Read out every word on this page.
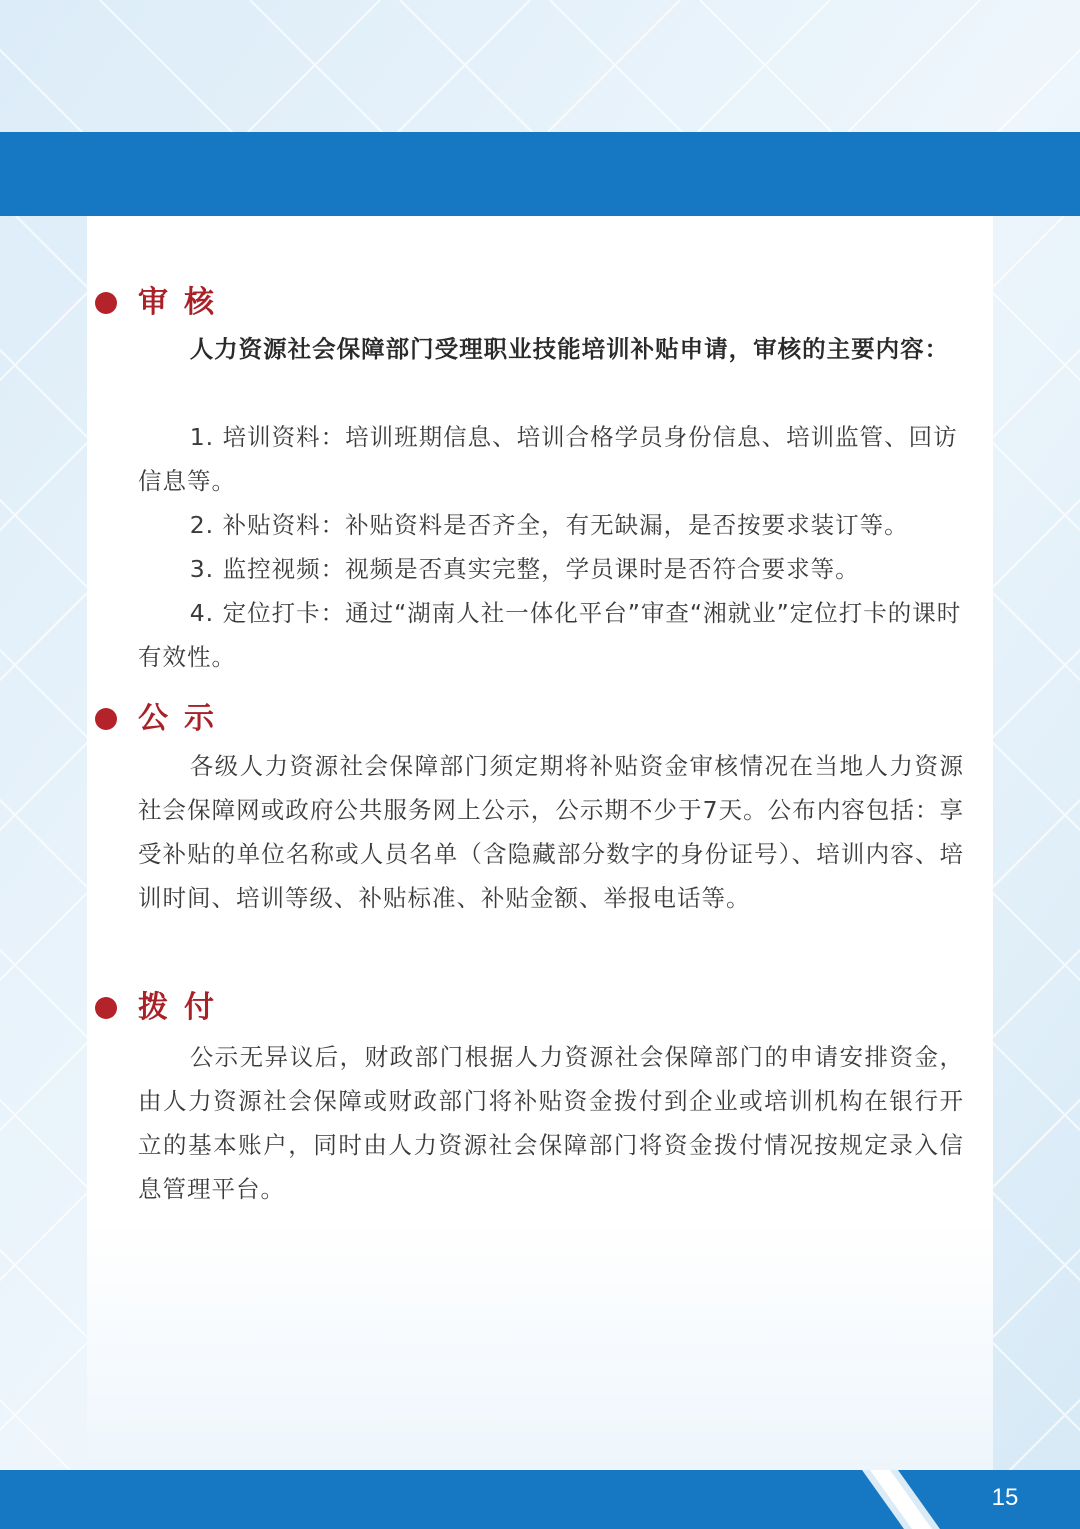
审核

人力资源社会保障部门受理职业技能培训补贴申请，审核的主要内容：

1. 培训资料：培训班期信息、培训合格学员身份信息、培训监管、回访信息等。

2. 补贴资料：补贴资料是否齐全，有无缺漏，是否按要求装订等。

3. 监控视频：视频是否真实完整，学员课时是否符合要求等。

4. 定位打卡：通过“湖南人社一体化平台”审查“湘就业”定位打卡的课时有效性。

公示

各级人力资源社会保障部门须定期将补贴资金审核情况在当地人力资源社会保障网或政府公共服务网上公示，公示期不少于7天。公布内容包括：享受补贴的单位名称或人员名单（含隐藏部分数字的身份证号）、培训内容、培训时间、培训等级、补贴标准、补贴金额、举报电话等。

拨付

公示无异议后，财政部门根据人力资源社会保障部门的申请安排资金，由人力资源社会保障或财政部门将补贴资金拨付到企业或培训机构在银行开立的基本账户，同时由人力资源社会保障部门将资金拨付情况按规定录入信息管理平台。

15
